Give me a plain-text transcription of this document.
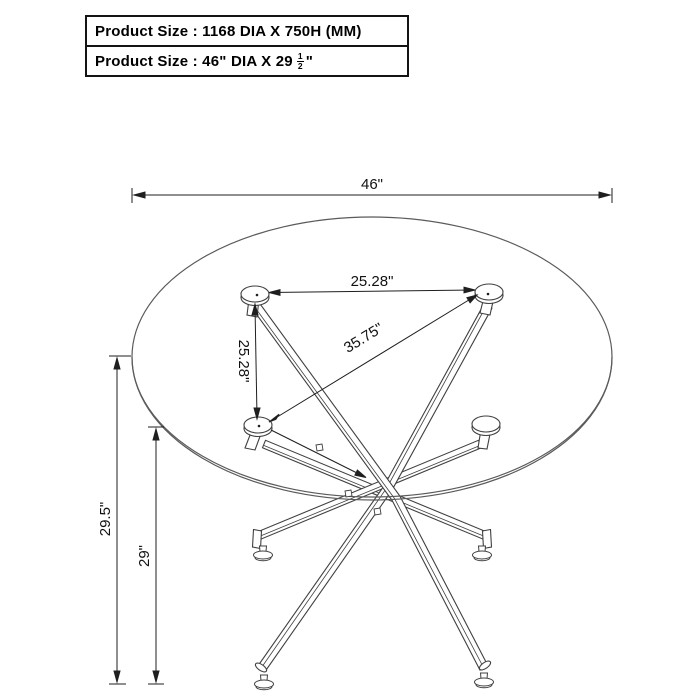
Product Size : 1168 DIA X 750H (MM)
Product Size : 46" DIA X $29 \frac{1}{2}$ "
46"
25.28"
25.28"
35.75"
29.5"
29"
